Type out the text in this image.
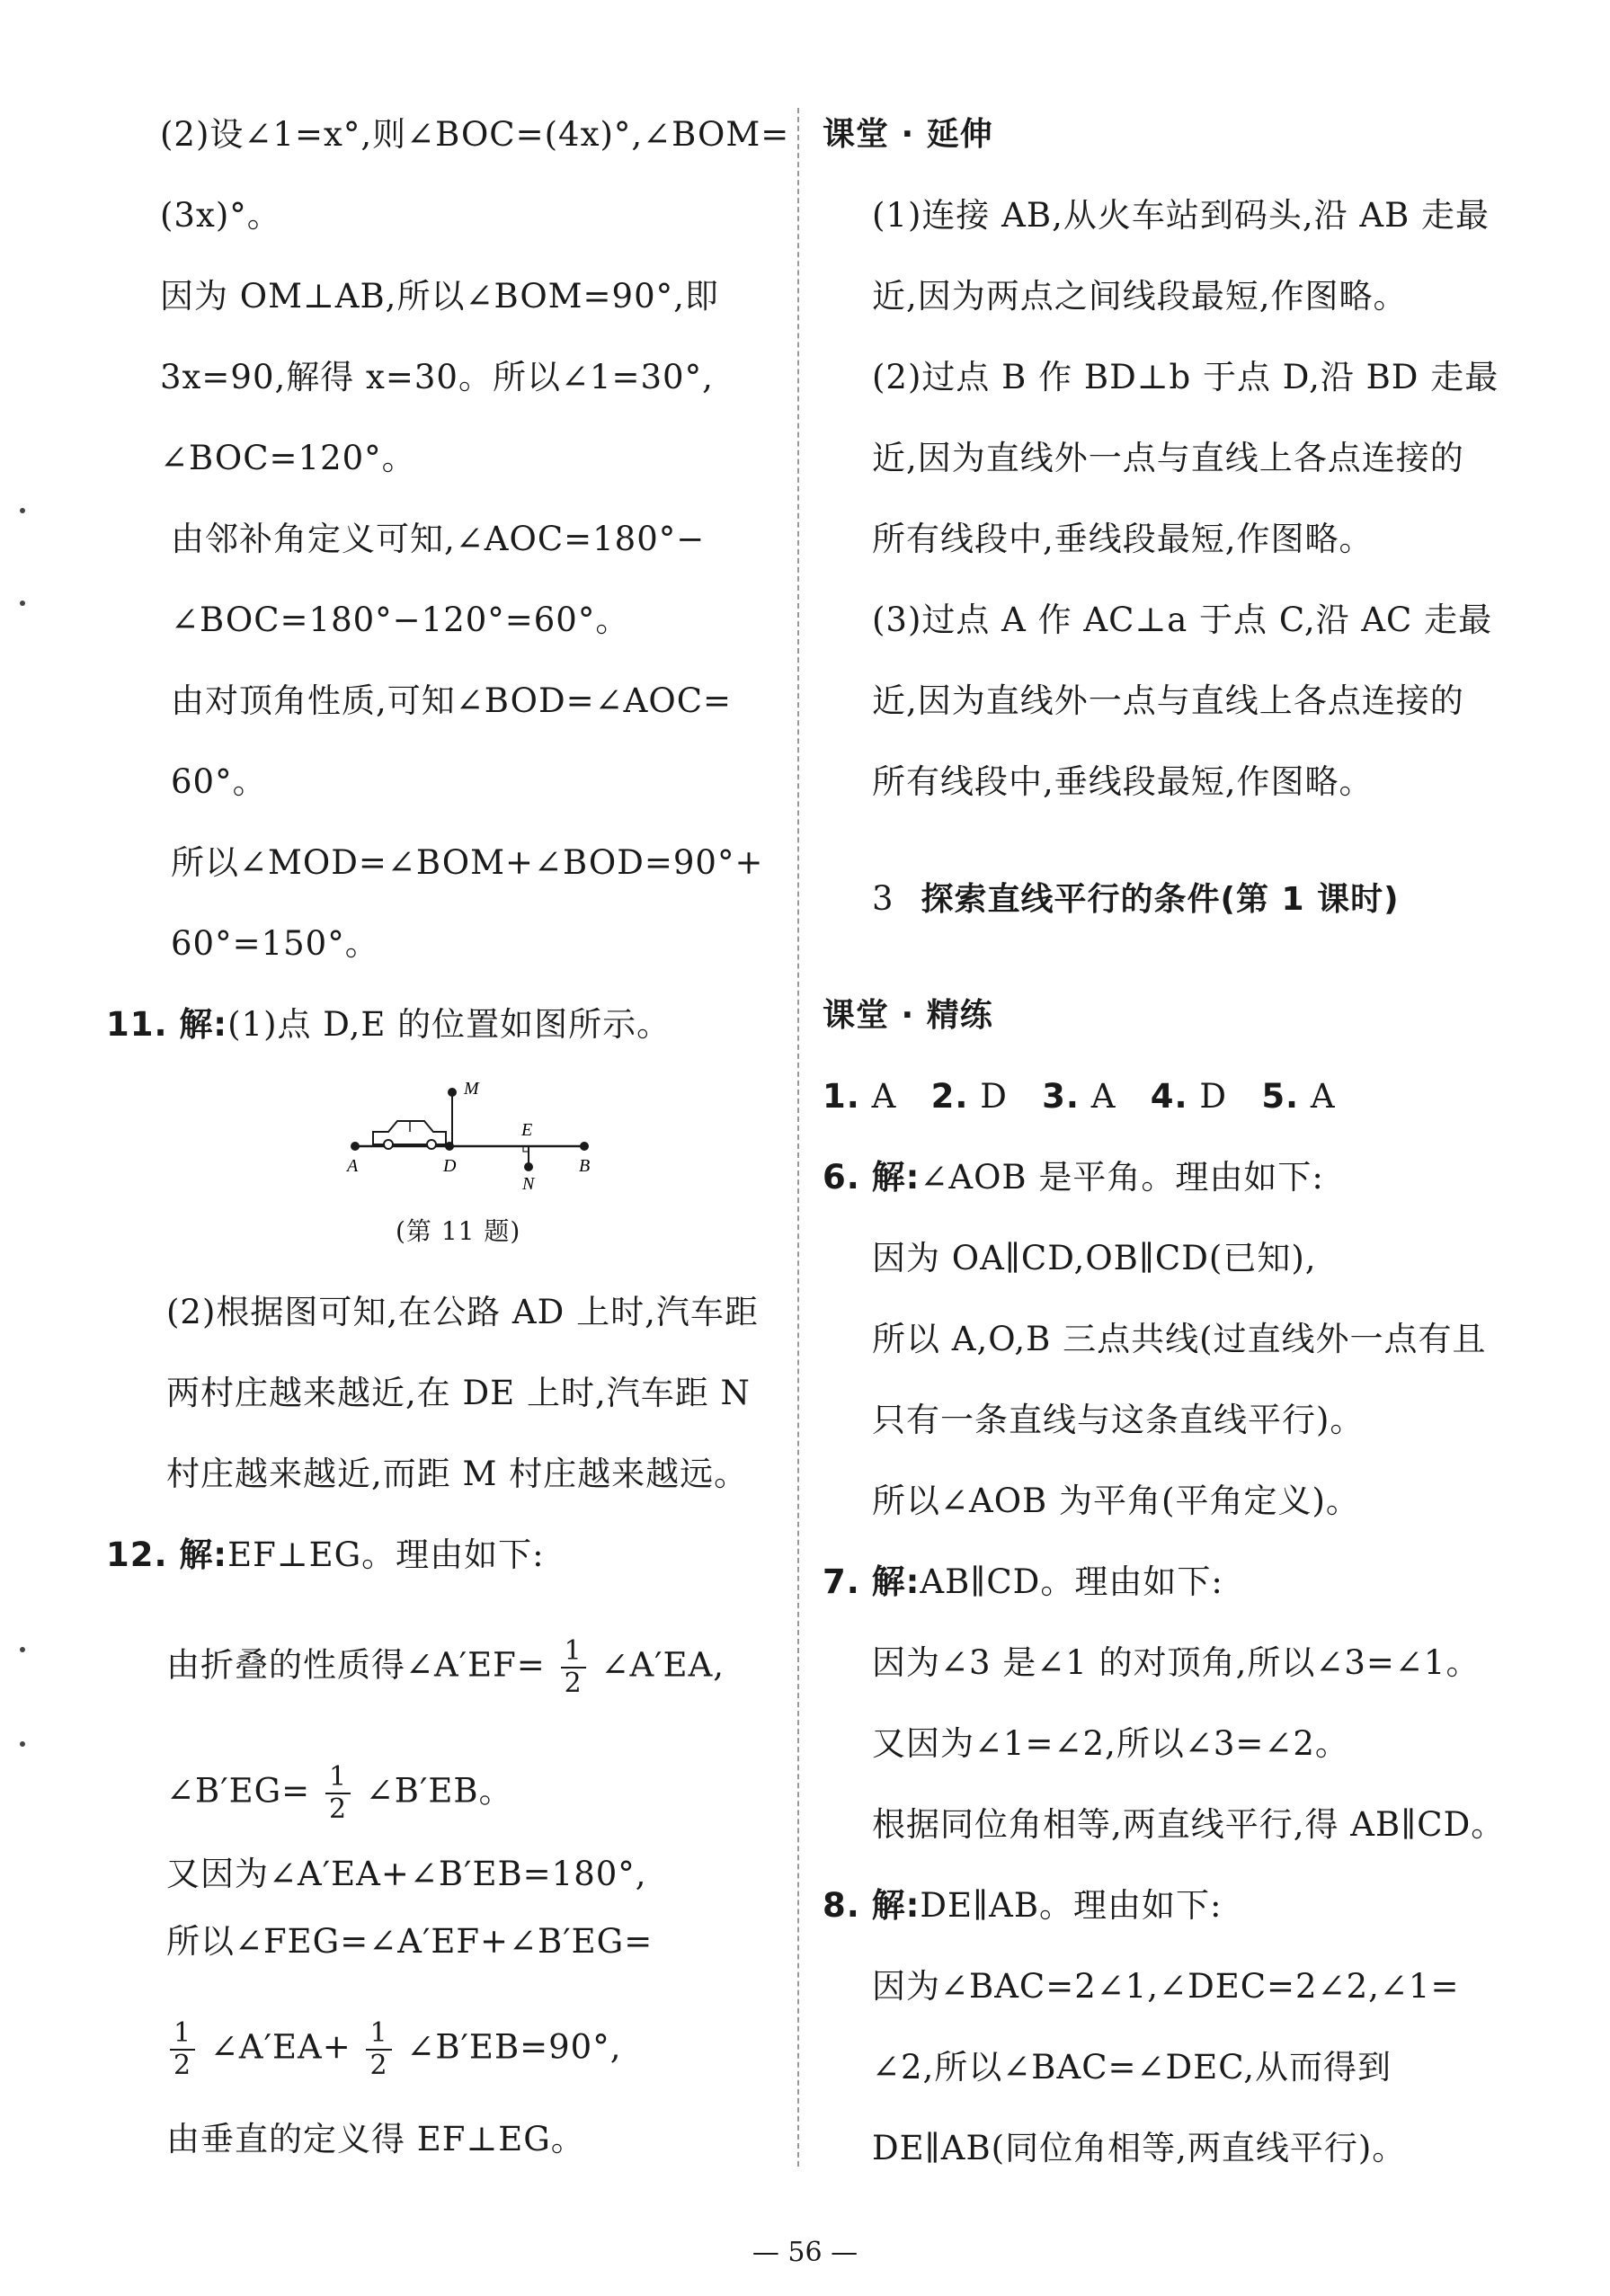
(2)设∠1=x°,则∠BOC=(4x)°,∠BOM=
(3x)°。
因为 OM⊥AB,所以∠BOM=90°,即
3x=90,解得 x=30。所以∠1=30°,
∠BOC=120°。
由邻补角定义可知,∠AOC=180°−
∠BOC=180°−120°=60°。
由对顶角性质,可知∠BOD=∠AOC=
60°。
所以∠MOD=∠BOM+∠BOD=90°+
60°=150°。
11. 解:(1)点 D,E 的位置如图所示。
M
E
A	D
N
B
(第 11 题)
(2)根据图可知,在公路 AD 上时,汽车距
两村庄越来越近,在 DE 上时,汽车距 N
村庄越来越近,而距 M 村庄越来越远。
12. 解:EF⊥EG。理由如下:
由折叠的性质得∠A′EF= $\frac{1}{2}$ ∠A′EA,
∠B′EG= $\frac{1}{2}$ ∠B′EB。
又因为∠A′EA+∠B′EB=180°,
所以∠FEG=∠A′EF+∠B′EG=
$\frac{1}{2}$ ∠A′EA+ $\frac{1}{2}$ ∠B′EB=90°,
由垂直的定义得 EF⊥EG。
课堂 · 延伸
(1)连接 AB,从火车站到码头,沿 AB 走最
近,因为两点之间线段最短,作图略。
(2)过点 B 作 BD⊥b 于点 D,沿 BD 走最
近,因为直线外一点与直线上各点连接的
所有线段中,垂线段最短,作图略。
(3)过点 A 作 AC⊥a 于点 C,沿 AC 走最
近,因为直线外一点与直线上各点连接的
所有线段中,垂线段最短,作图略。
3 探索直线平行的条件(第 1 课时)
课堂 · 精练
1. A 2. D 3. A 4. D 5. A
6. 解:∠AOB 是平角。理由如下:
因为 OA∥CD,OB∥CD(已知),
所以 A,O,B 三点共线(过直线外一点有且
只有一条直线与这条直线平行)。
所以∠AOB 为平角(平角定义)。
7. 解:AB∥CD。理由如下:
因为∠3 是∠1 的对顶角,所以∠3=∠1。
又因为∠1=∠2,所以∠3=∠2。
根据同位角相等,两直线平行,得 AB∥CD。
8. 解:DE∥AB。理由如下:
因为∠BAC=2∠1,∠DEC=2∠2,∠1=
∠2,所以∠BAC=∠DEC,从而得到
DE∥AB(同位角相等,两直线平行)。
— 56 —
